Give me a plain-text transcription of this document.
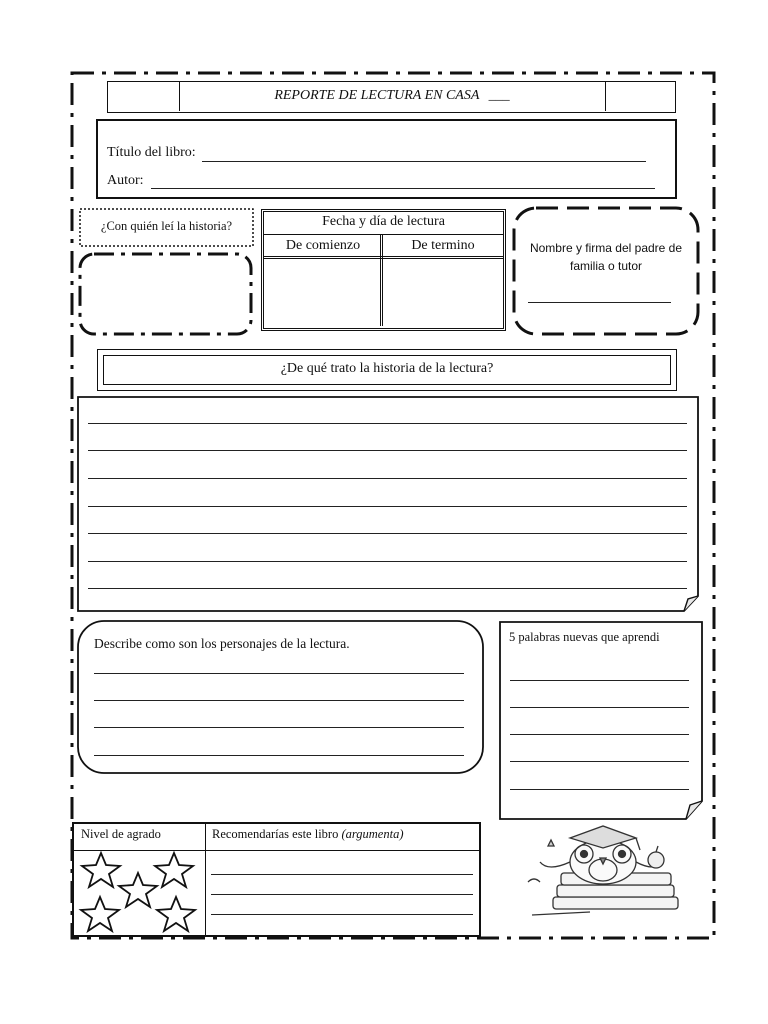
REPORTE DE LECTURA EN CASA ___
Título del libro:
Autor:
¿Con quién leí la historia?	Fecha y día de lectura
De comienzo	De termino	Nombre y firma del padre de familia o tutor
¿De qué trato la historia de la lectura?
Describe como son los personajes de la lectura.	5 palabras nuevas que aprendi
Nivel de agrado	Recomendarías este libro (argumenta)
